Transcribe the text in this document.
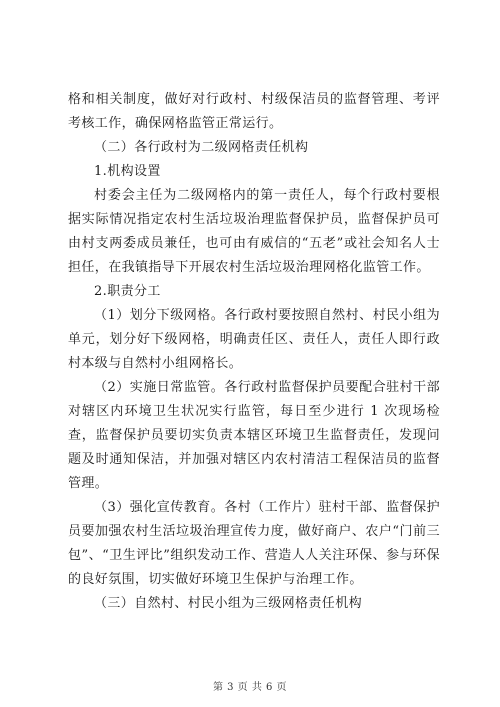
格和相关制度，做好对行政村、村级保洁员的监督管理、考评考核工作，确保网格监管正常运行。

（二）各行政村为二级网格责任机构

1.机构设置

村委会主任为二级网格内的第一责任人，每个行政村要根据实际情况指定农村生活垃圾治理监督保护员，监督保护员可由村支两委成员兼任，也可由有威信的“五老”或社会知名人士担任，在我镇指导下开展农村生活垃圾治理网格化监管工作。

2.职责分工

（1）划分下级网格。各行政村要按照自然村、村民小组为单元，划分好下级网格，明确责任区、责任人，责任人即行政村本级与自然村小组网格长。

（2）实施日常监管。各行政村监督保护员要配合驻村干部对辖区内环境卫生状况实行监管，每日至少进行 1 次现场检查，监督保护员要切实负责本辖区环境卫生监督责任，发现问题及时通知保洁，并加强对辖区内农村清洁工程保洁员的监督管理。

（3）强化宣传教育。各村（工作片）驻村干部、监督保护员要加强农村生活垃圾治理宣传力度，做好商户、农户“门前三包”、“卫生评比”组织发动工作、营造人人关注环保、参与环保的良好氛围，切实做好环境卫生保护与治理工作。

（三）自然村、村民小组为三级网格责任机构

第 3 页 共 6 页
